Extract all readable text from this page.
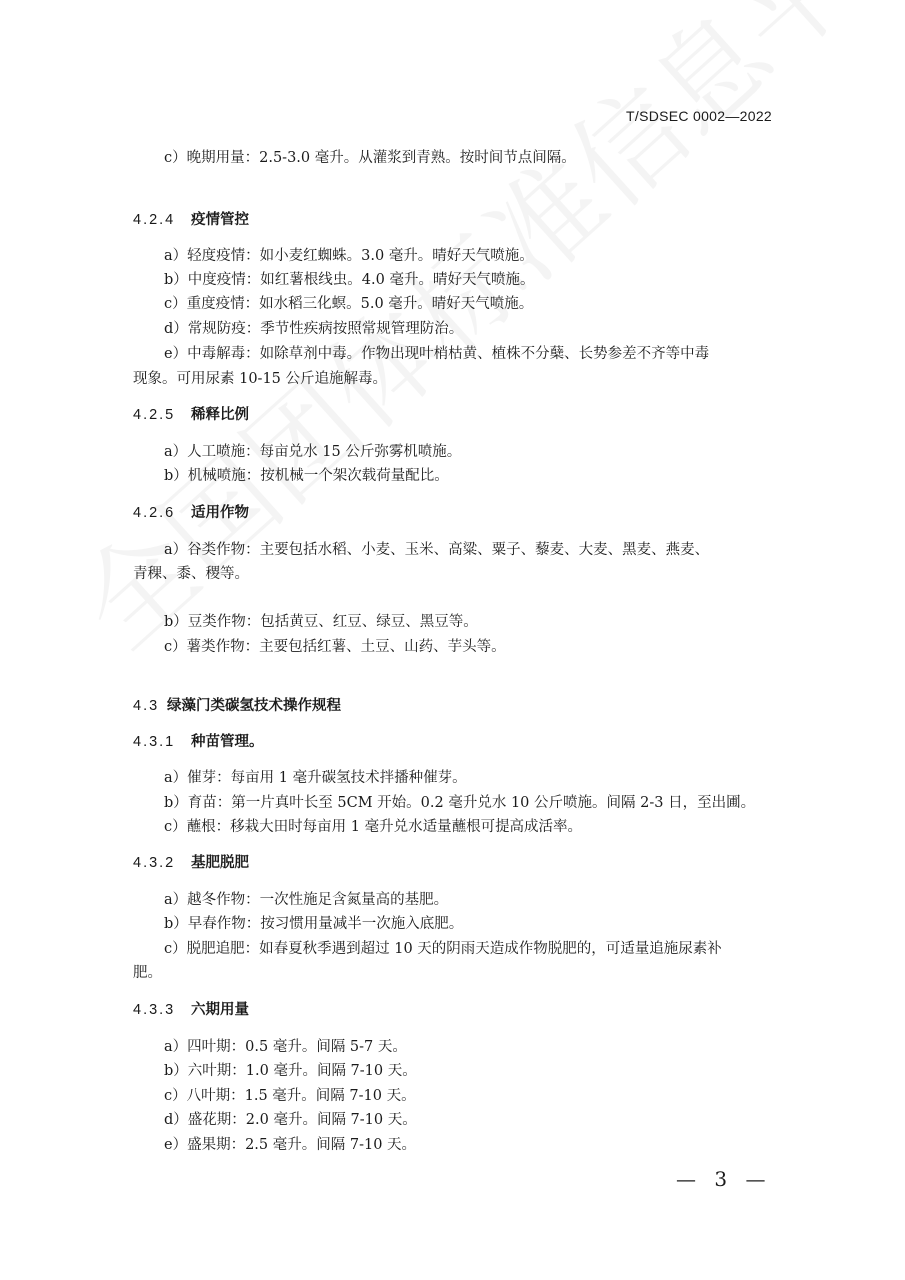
T/SDSEC 0002—2022
c）晚期用量：2.5-3.0 毫升。从灌浆到青熟。按时间节点间隔。
4.2.4 疫情管控
a）轻度疫情：如小麦红蜘蛛。3.0 毫升。晴好天气喷施。
b）中度疫情：如红薯根线虫。4.0 毫升。晴好天气喷施。
c）重度疫情：如水稻三化螟。5.0 毫升。晴好天气喷施。
d）常规防疫：季节性疾病按照常规管理防治。
e）中毒解毒：如除草剂中毒。作物出现叶梢枯黄、植株不分蘖、长势参差不齐等中毒
现象。可用尿素 10-15 公斤追施解毒。
4.2.5 稀释比例
a）人工喷施：每亩兑水 15 公斤弥雾机喷施。
b）机械喷施：按机械一个架次载荷量配比。
4.2.6 适用作物
a）谷类作物：主要包括水稻、小麦、玉米、高粱、粟子、藜麦、大麦、黑麦、燕麦、
青稞、黍、稷等。
b）豆类作物：包括黄豆、红豆、绿豆、黑豆等。
c）薯类作物：主要包括红薯、土豆、山药、芋头等。
4.3 绿藻门类碳氢技术操作规程
4.3.1 种苗管理。
a）催芽：每亩用 1 毫升碳氢技术拌播种催芽。
b）育苗：第一片真叶长至 5CM 开始。0.2 毫升兑水 10 公斤喷施。间隔 2-3 日，至出圃。
c）蘸根：移栽大田时每亩用 1 毫升兑水适量蘸根可提高成活率。
4.3.2 基肥脱肥
a）越冬作物：一次性施足含氮量高的基肥。
b）早春作物：按习惯用量减半一次施入底肥。
c）脱肥追肥：如春夏秋季遇到超过 10 天的阴雨天造成作物脱肥的，可适量追施尿素补
肥。
4.3.3 六期用量
a）四叶期：0.5 毫升。间隔 5-7 天。
b）六叶期：1.0 毫升。间隔 7-10 天。
c）八叶期：1.5 毫升。间隔 7-10 天。
d）盛花期：2.0 毫升。间隔 7-10 天。
e）盛果期：2.5 毫升。间隔 7-10 天。
— 3 —
